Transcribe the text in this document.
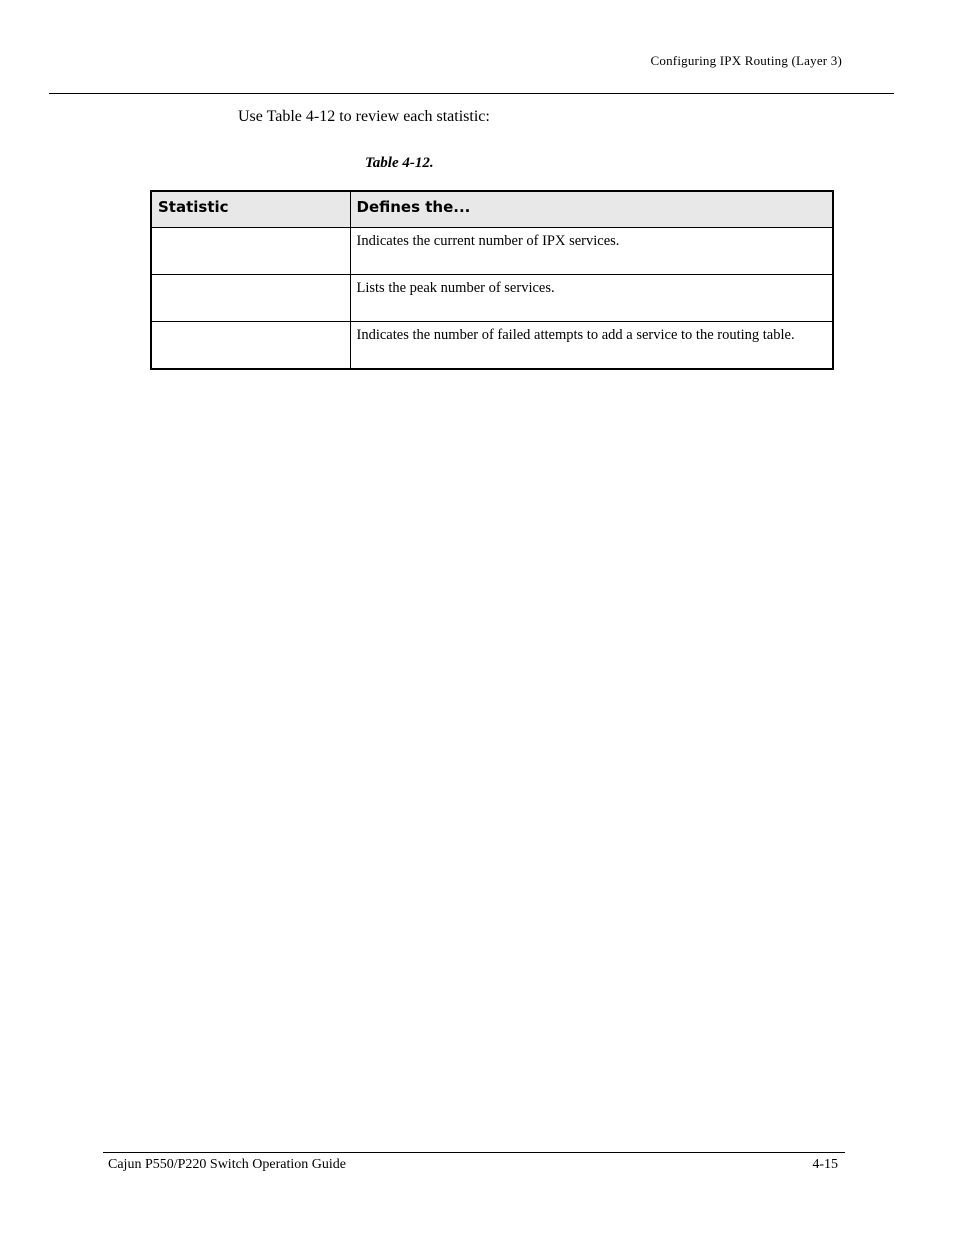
Configuring IPX Routing (Layer 3)
Use Table 4-12 to review each statistic:
Table 4-12.
Statistic	Defines the...
	Indicates the current number of IPX services.
	Lists the peak number of services.
	Indicates the number of failed attempts to add a service to the routing table.
Cajun P550/P220 Switch Operation Guide	4-15
